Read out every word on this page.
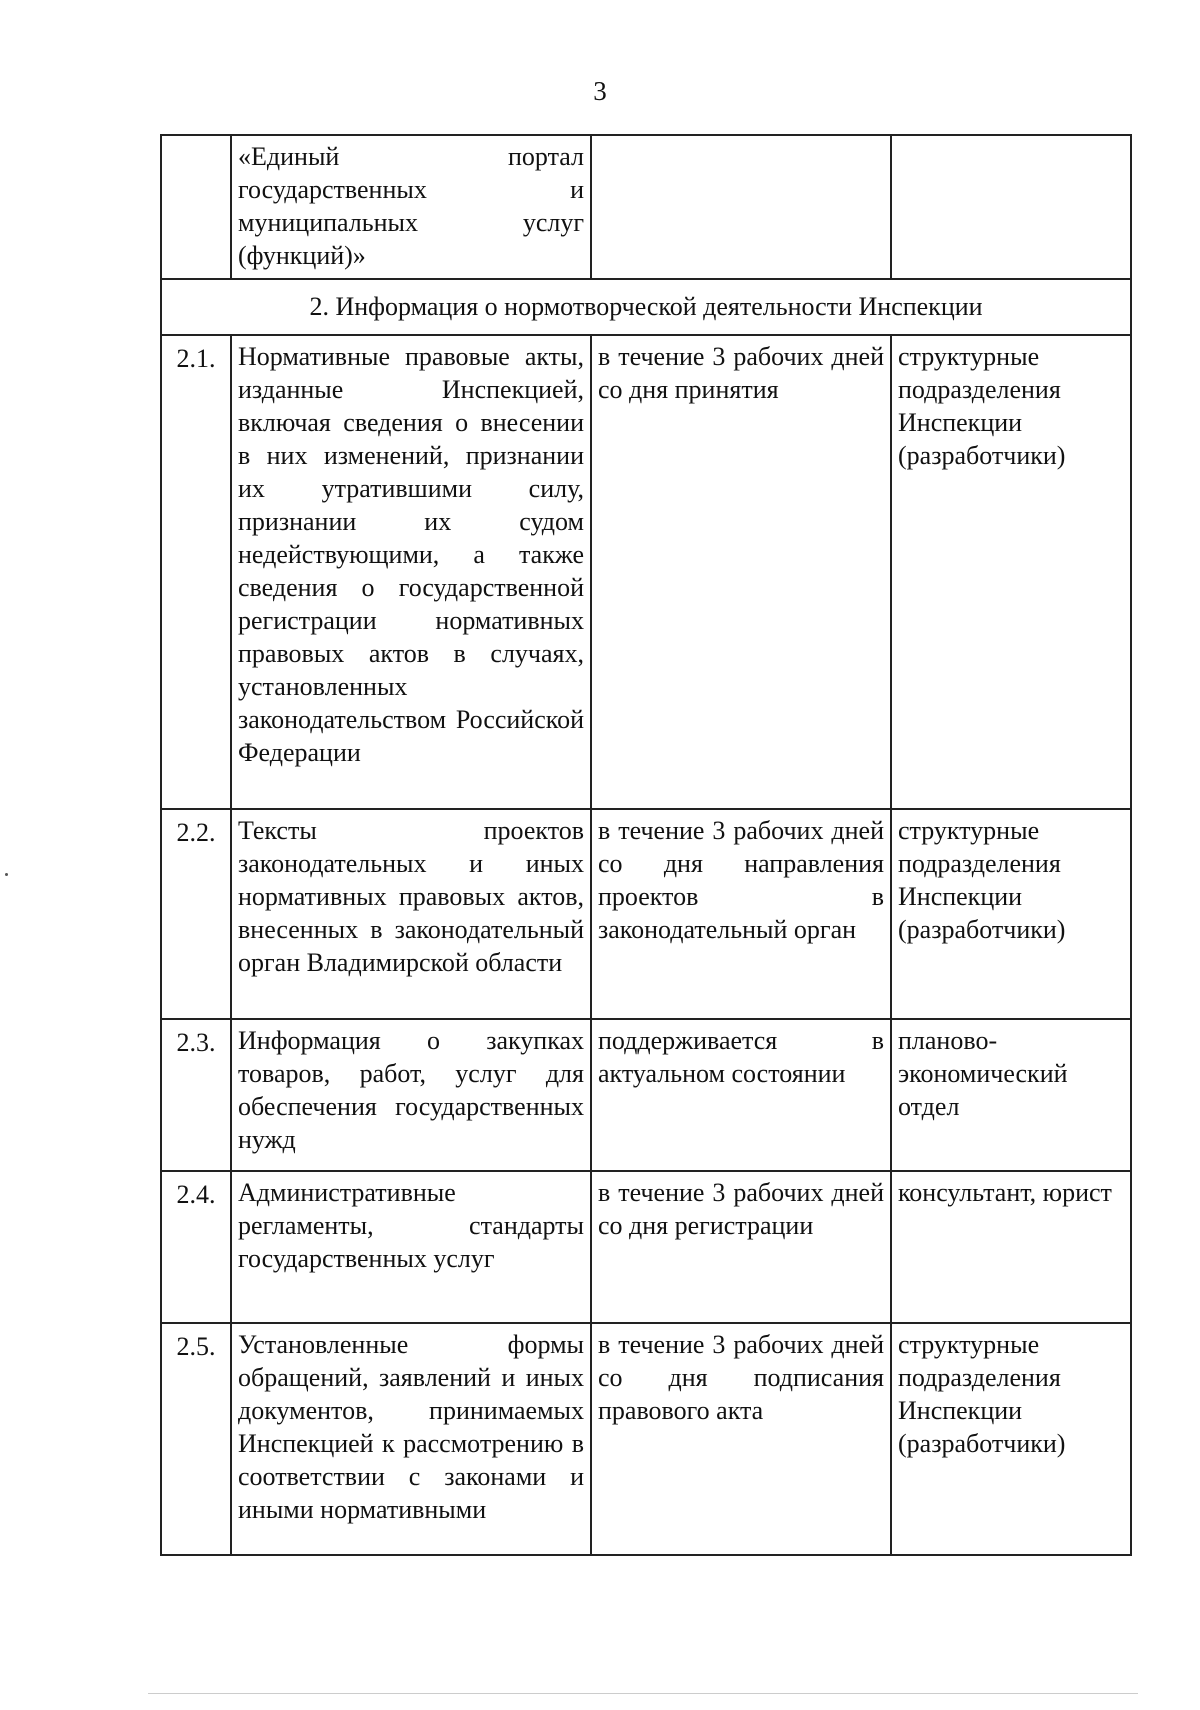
3
	«Единый портал государственных и муниципальных услуг (функций)»		
2. Информация о нормотворческой деятельности Инспекции			
2.1.	Нормативные правовые акты, изданные Инспекцией, включая сведения о внесении в них изменений, признании их утратившими силу, признании их судом недействующими, а также сведения о государственной регистрации нормативных правовых актов в случаях, установленных законодательством Российской Федерации	в течение 3 рабочих дней со дня принятия	структурные подразделения Инспекции (разработчики)
2.2.	Тексты проектов законодательных и иных нормативных правовых актов, внесенных в законодательный орган Владимирской области	в течение 3 рабочих дней со дня направления проектов в законодательный орган	структурные подразделения Инспекции (разработчики)
2.3.	Информация о закупках товаров, работ, услуг для обеспечения государственных нужд	поддерживается в актуальном состоянии	планово-экономический отдел
2.4.	Административные регламенты, стандарты государственных услуг	в течение 3 рабочих дней со дня регистрации	консультант, юрист
2.5.	Установленные формы обращений, заявлений и иных документов, принимаемых Инспекцией к рассмотрению в соответствии с законами и иными нормативными	в течение 3 рабочих дней со дня подписания правового акта	структурные подразделения Инспекции (разработчики)
